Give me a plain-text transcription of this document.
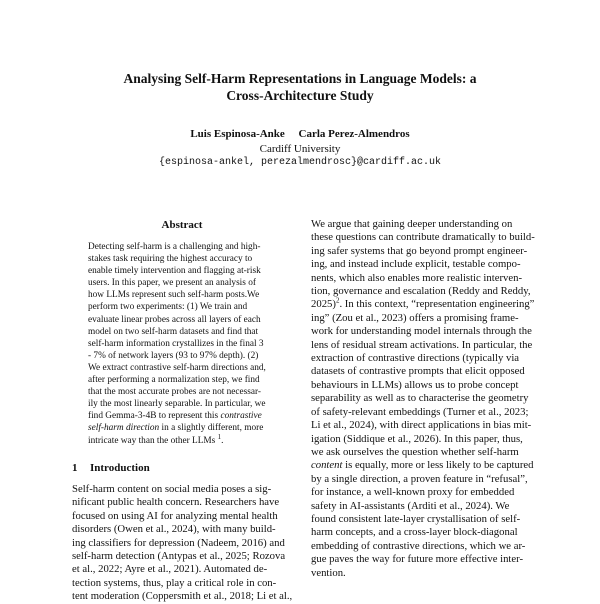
Analysing Self-Harm Representations in Language Models: a
Cross-Architecture Study
Luis Espinosa-Anke     Carla Perez-Almendros
Cardiff University
{espinosa-ankel, perezalmendrosc}@cardiff.ac.uk
Abstract
Detecting self-harm is a challenging and high-
stakes task requiring the highest accuracy to
enable timely intervention and flagging at-risk
users. In this paper, we present an analysis of
how LLMs represent such self-harm posts.We
perform two experiments: (1) We train and
evaluate linear probes across all layers of each
model on two self-harm datasets and find that
self-harm information crystallizes in the final 3
- 7% of network layers (93 to 97% depth). (2)
We extract contrastive self-harm directions and,
after performing a normalization step, we find
that the most accurate probes are not necessar-
ily the most linearly separable. In particular, we
find Gemma-3-4B to represent this contrastive
self-harm direction in a slightly different, more
intricate way than the other LLMs $^1$.
1 Introduction
Self-harm content on social media poses a sig-
nificant public health concern. Researchers have
focused on using AI for analyzing mental health
disorders (Owen et al., 2024), with many build-
ing classifiers for depression (Nadeem, 2016) and
self-harm detection (Antypas et al., 2025; Rozova
et al., 2022; Ayre et al., 2021). Automated de-
tection systems, thus, play a critical role in con-
tent moderation (Coppersmith et al., 2018; Li et al.,
We argue that gaining deeper understanding on
these questions can contribute dramatically to build-
ing safer systems that go beyond prompt engineer-
ing, and instead include explicit, testable compo-
nents, which also enables more realistic interven-
tion, governance and escalation (Reddy and Reddy,
2025)$^2$. In this context, “representation engineering”
ing” (Zou et al., 2023) offers a promising frame-
work for understanding model internals through the
lens of residual stream activations. In particular, the
extraction of contrastive directions (typically via
datasets of contrastive prompts that elicit opposed
behaviours in LLMs) allows us to probe concept
separability as well as to characterise the geometry
of safety-relevant embeddings (Turner et al., 2023;
Li et al., 2024), with direct applications in bias mit-
igation (Siddique et al., 2026). In this paper, thus,
we ask ourselves the question whether self-harm
content is equally, more or less likely to be captured
by a single direction, a proven feature in “refusal”,
for instance, a well-known proxy for embedded
safety in AI-assistants (Arditi et al., 2024). We
found consistent late-layer crystallisation of self-
harm concepts, and a cross-layer block-diagonal
embedding of contrastive directions, which we ar-
gue paves the way for future more effective inter-
vention.
